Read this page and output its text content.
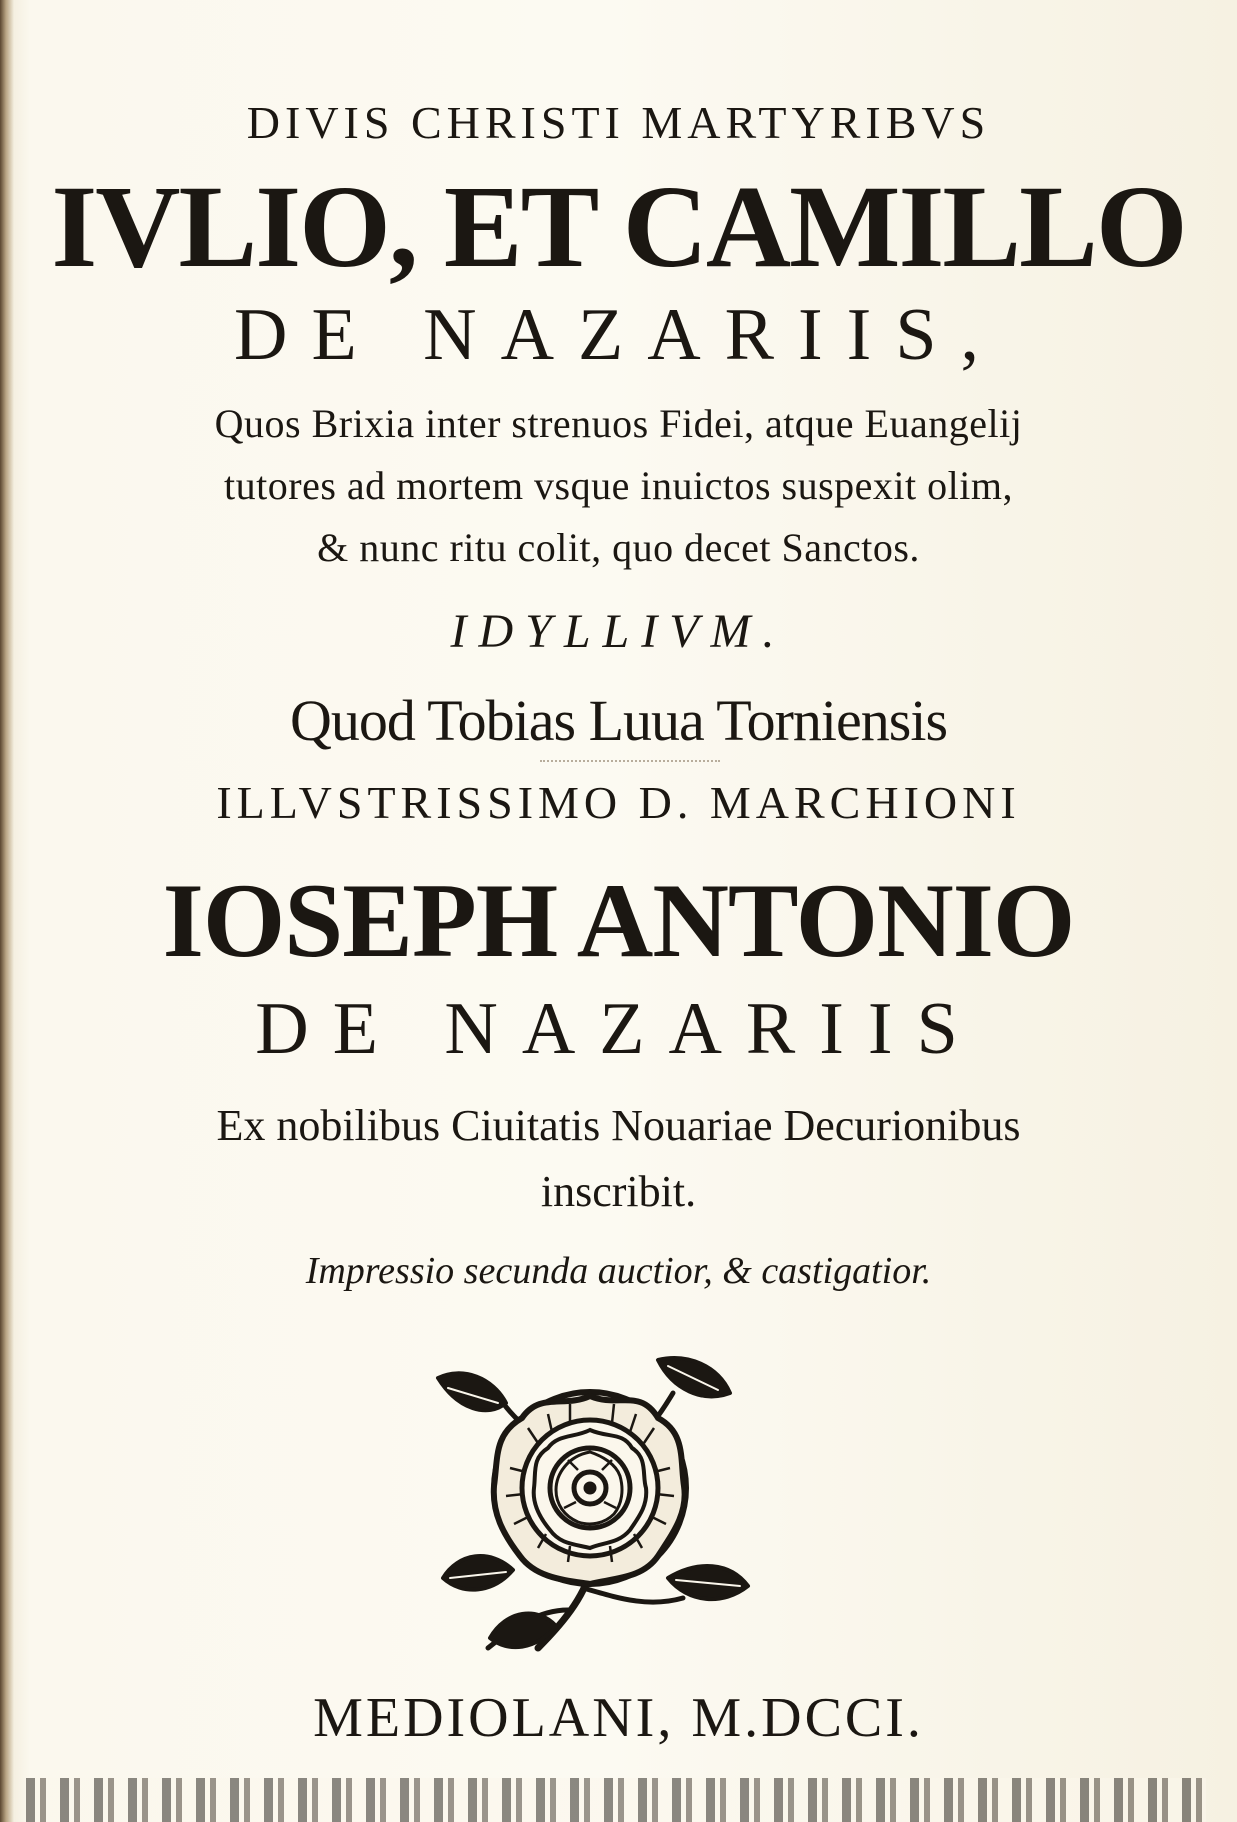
DIVIS CHRISTI MARTYRIBVS
IVLIO, ET CAMILLO
DE NAZARIIS,
Quos Brixia inter strenuos Fidei, atque Euangelij
tutores ad mortem vsque inuictos suspexit olim,
& nunc ritu colit, quo decet Sanctos.
IDYLLIVM.
Quod Tobias Luua Torniensis
ILLVSTRISSIMO D. MARCHIONI
IOSEPH ANTONIO
DE NAZARIIS
Ex nobilibus Ciuitatis Nouariae Decurionibus
inscribit.
Impressio secunda auctior, & castigatior.
MEDIOLANI, M.DCCI.
